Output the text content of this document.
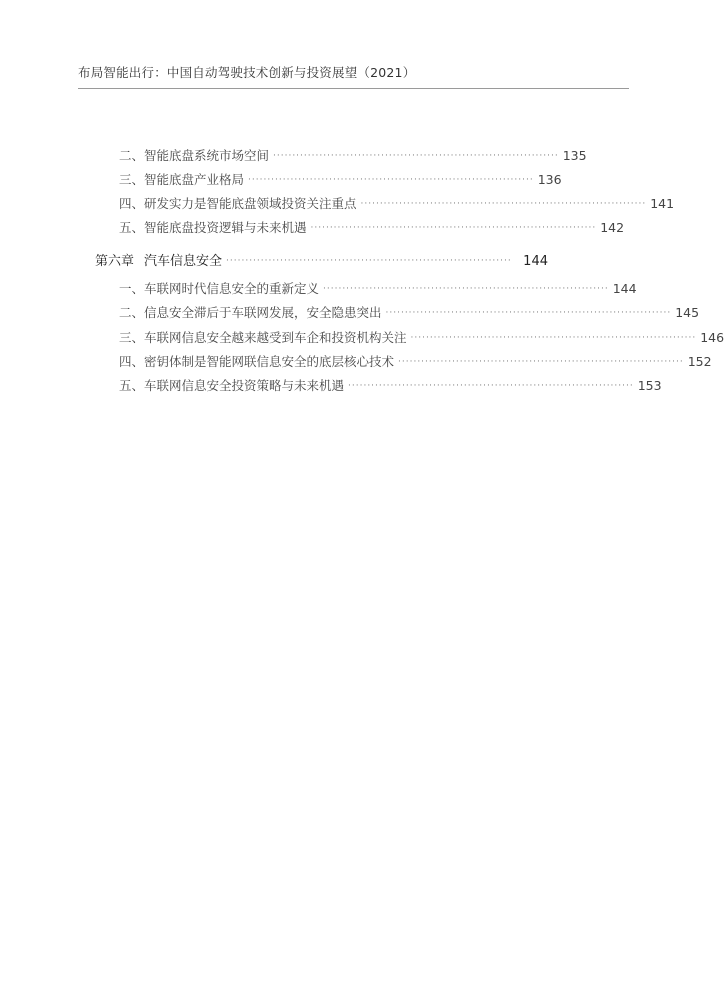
布局智能出行：中国自动驾驶技术创新与投资展望（2021）
二、智能底盘系统市场空间 ·········································································· 135
三、智能底盘产业格局 ·········································································· 136
四、研发实力是智能底盘领域投资关注重点 ·········································································· 141
五、智能底盘投资逻辑与未来机遇 ·········································································· 142
第六章 汽车信息安全 ·········································································· 144
一、车联网时代信息安全的重新定义 ·········································································· 144
二、信息安全滞后于车联网发展，安全隐患突出 ·········································································· 145
三、车联网信息安全越来越受到车企和投资机构关注 ·········································································· 146
四、密钥体制是智能网联信息安全的底层核心技术 ·········································································· 152
五、车联网信息安全投资策略与未来机遇 ·········································································· 153
